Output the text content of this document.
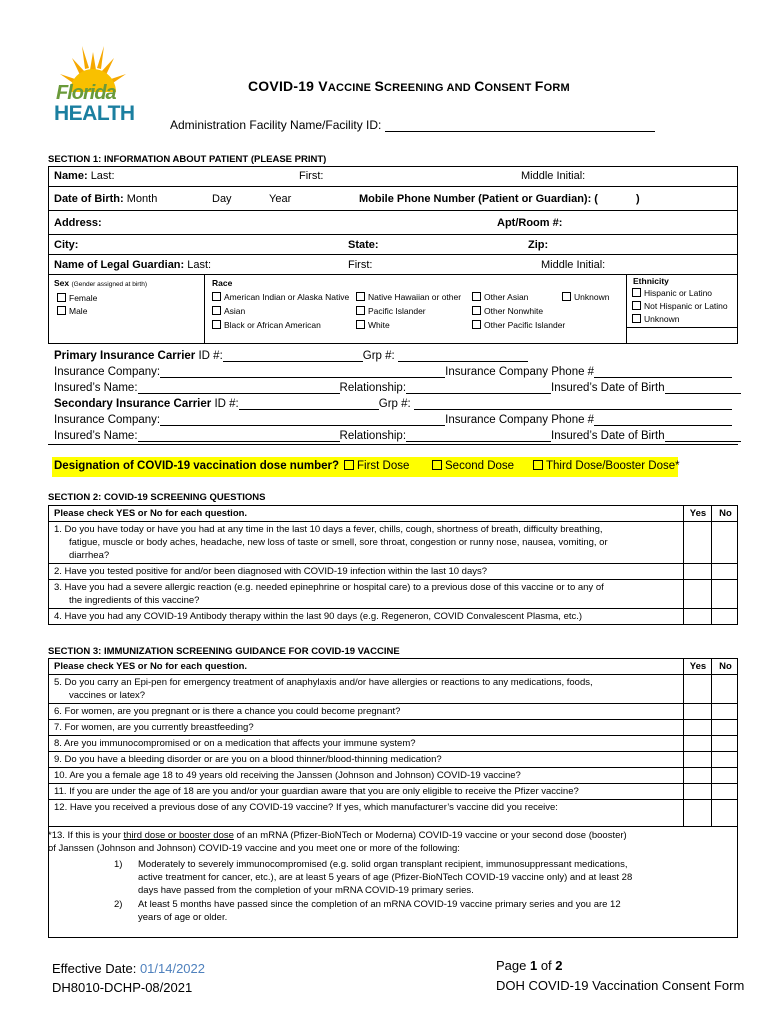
Florida
HEALTH
COVID-19 VACCINE SCREENING AND CONSENT FORM
Administration Facility Name/Facility ID:
SECTION 1: INFORMATION ABOUT PATIENT (PLEASE PRINT)
Name: Last:	First:	Middle Initial:
Date of Birth: Month	Day	Year	Mobile Phone Number (Patient or Guardian): (	)
Address:	Apt/Room #:
City:	State:	Zip:
Name of Legal Guardian: Last:	First:	Middle Initial:
Sex (Gender assigned at birth)
Female
Male
Race
American Indian or Alaska Native
Asian
Black or African American
Native Hawaiian or other
Pacific Islander
White
Other Asian
Other Nonwhite
Other Pacific Islander
Unknown
Ethnicity
Hispanic or Latino
Not Hispanic or Latino
Unknown
Primary Insurance Carrier ID #:	Grp #:
Insurance Company:	Insurance Company Phone #
Insured’s Name:	Relationship:	Insured’s Date of Birth
Secondary Insurance Carrier ID #:	Grp #:
Insurance Company:	Insurance Company Phone #
Insured’s Name:	Relationship:	Insured’s Date of Birth
Designation of COVID-19 vaccination dose number?	First Dose	Second Dose	Third Dose/Booster Dose*
SECTION 2: COVID-19 SCREENING QUESTIONS
Please check YES or No for each question.	Yes	No
1. Do you have today or have you had at any time in the last 10 days a fever, chills, cough, shortness of breath, difficulty breathing,
fatigue, muscle or body aches, headache, new loss of taste or smell, sore throat, congestion or runny nose, nausea, vomiting, or
diarrhea?
2. Have you tested positive for and/or been diagnosed with COVID-19 infection within the last 10 days?
3. Have you had a severe allergic reaction (e.g. needed epinephrine or hospital care) to a previous dose of this vaccine or to any of
the ingredients of this vaccine?
4. Have you had any COVID-19 Antibody therapy within the last 90 days (e.g. Regeneron, COVID Convalescent Plasma, etc.)
SECTION 3: IMMUNIZATION SCREENING GUIDANCE FOR COVID-19 VACCINE
Please check YES or No for each question.	Yes	No
5. Do you carry an Epi-pen for emergency treatment of anaphylaxis and/or have allergies or reactions to any medications, foods,
vaccines or latex?
6. For women, are you pregnant or is there a chance you could become pregnant?
7. For women, are you currently breastfeeding?
8. Are you immunocompromised or on a medication that affects your immune system?
9. Do you have a bleeding disorder or are you on a blood thinner/blood-thinning medication?
10. Are you a female age 18 to 49 years old receiving the Janssen (Johnson and Johnson) COVID-19 vaccine?
11. If you are under the age of 18 are you and/or your guardian aware that you are only eligible to receive the Pfizer vaccine?
12. Have you received a previous dose of any COVID-19 vaccine? If yes, which manufacturer’s vaccine did you receive:
*13. If this is your third dose or booster dose of an mRNA (Pfizer-BioNTech or Moderna) COVID-19 vaccine or your second dose (booster)
of Janssen (Johnson and Johnson) COVID-19 vaccine and you meet one or more of the following:
1) Moderately to severely immunocompromised (e.g. solid organ transplant recipient, immunosuppressant medications,
active treatment for cancer, etc.), are at least 5 years of age (Pfizer-BioNTech COVID-19 vaccine only) and at least 28
days have passed from the completion of your mRNA COVID-19 primary series.
2) At least 5 months have passed since the completion of an mRNA COVID-19 vaccine primary series and you are 12
years of age or older.
Effective Date: 01/14/2022
DH8010-DCHP-08/2021
Page 1 of 2
DOH COVID-19 Vaccination Consent Form
